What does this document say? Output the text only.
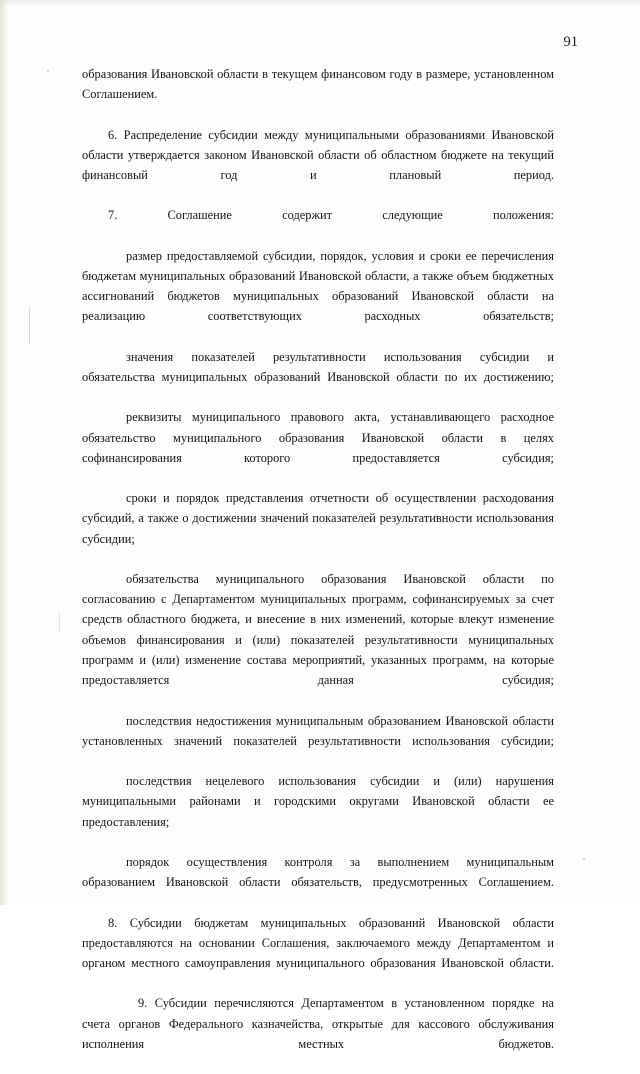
91

образования Ивановской области в текущем финансовом году в размере, установленном Соглашением.

6. Распределение субсидии между муниципальными образованиями Ивановской области утверждается законом Ивановской области об областном бюджете на текущий финансовый год и плановый период.

7. Соглашение содержит следующие положения:

размер предоставляемой субсидии, порядок, условия и сроки ее перечисления бюджетам муниципальных образований Ивановской области, а также объем бюджетных ассигнований бюджетов муниципальных образований Ивановской области на реализацию соответствующих расходных обязательств;

значения показателей результативности использования субсидии и обязательства муниципальных образований Ивановской области по их достижению;

реквизиты муниципального правового акта, устанавливающего расходное обязательство муниципального образования Ивановской области в целях софинансирования которого предоставляется субсидия;

сроки и порядок представления отчетности об осуществлении расходования субсидий, а также о достижении значений показателей результативности использования субсидии;

обязательства муниципального образования Ивановской области по согласованию с Департаментом муниципальных программ, софинансируемых за счет средств областного бюджета, и внесение в них изменений, которые влекут изменение объемов финансирования и (или) показателей результативности муниципальных программ и (или) изменение состава мероприятий, указанных программ, на которые предоставляется данная субсидия;

последствия недостижения муниципальным образованием Ивановской области установленных значений показателей результативности использования субсидии;

последствия нецелевого использования субсидии и (или) нарушения муниципальными районами и городскими округами Ивановской области ее предоставления;

порядок осуществления контроля за выполнением муниципальным образованием Ивановской области обязательств, предусмотренных Соглашением.

8. Субсидии бюджетам муниципальных образований Ивановской области предоставляются на основании Соглашения, заключаемого между Департаментом и органом местного самоуправления муниципального образования Ивановской области.

9. Субсидии перечисляются Департаментом в установленном порядке на счета органов Федерального казначейства, открытые для кассового обслуживания исполнения местных бюджетов.
